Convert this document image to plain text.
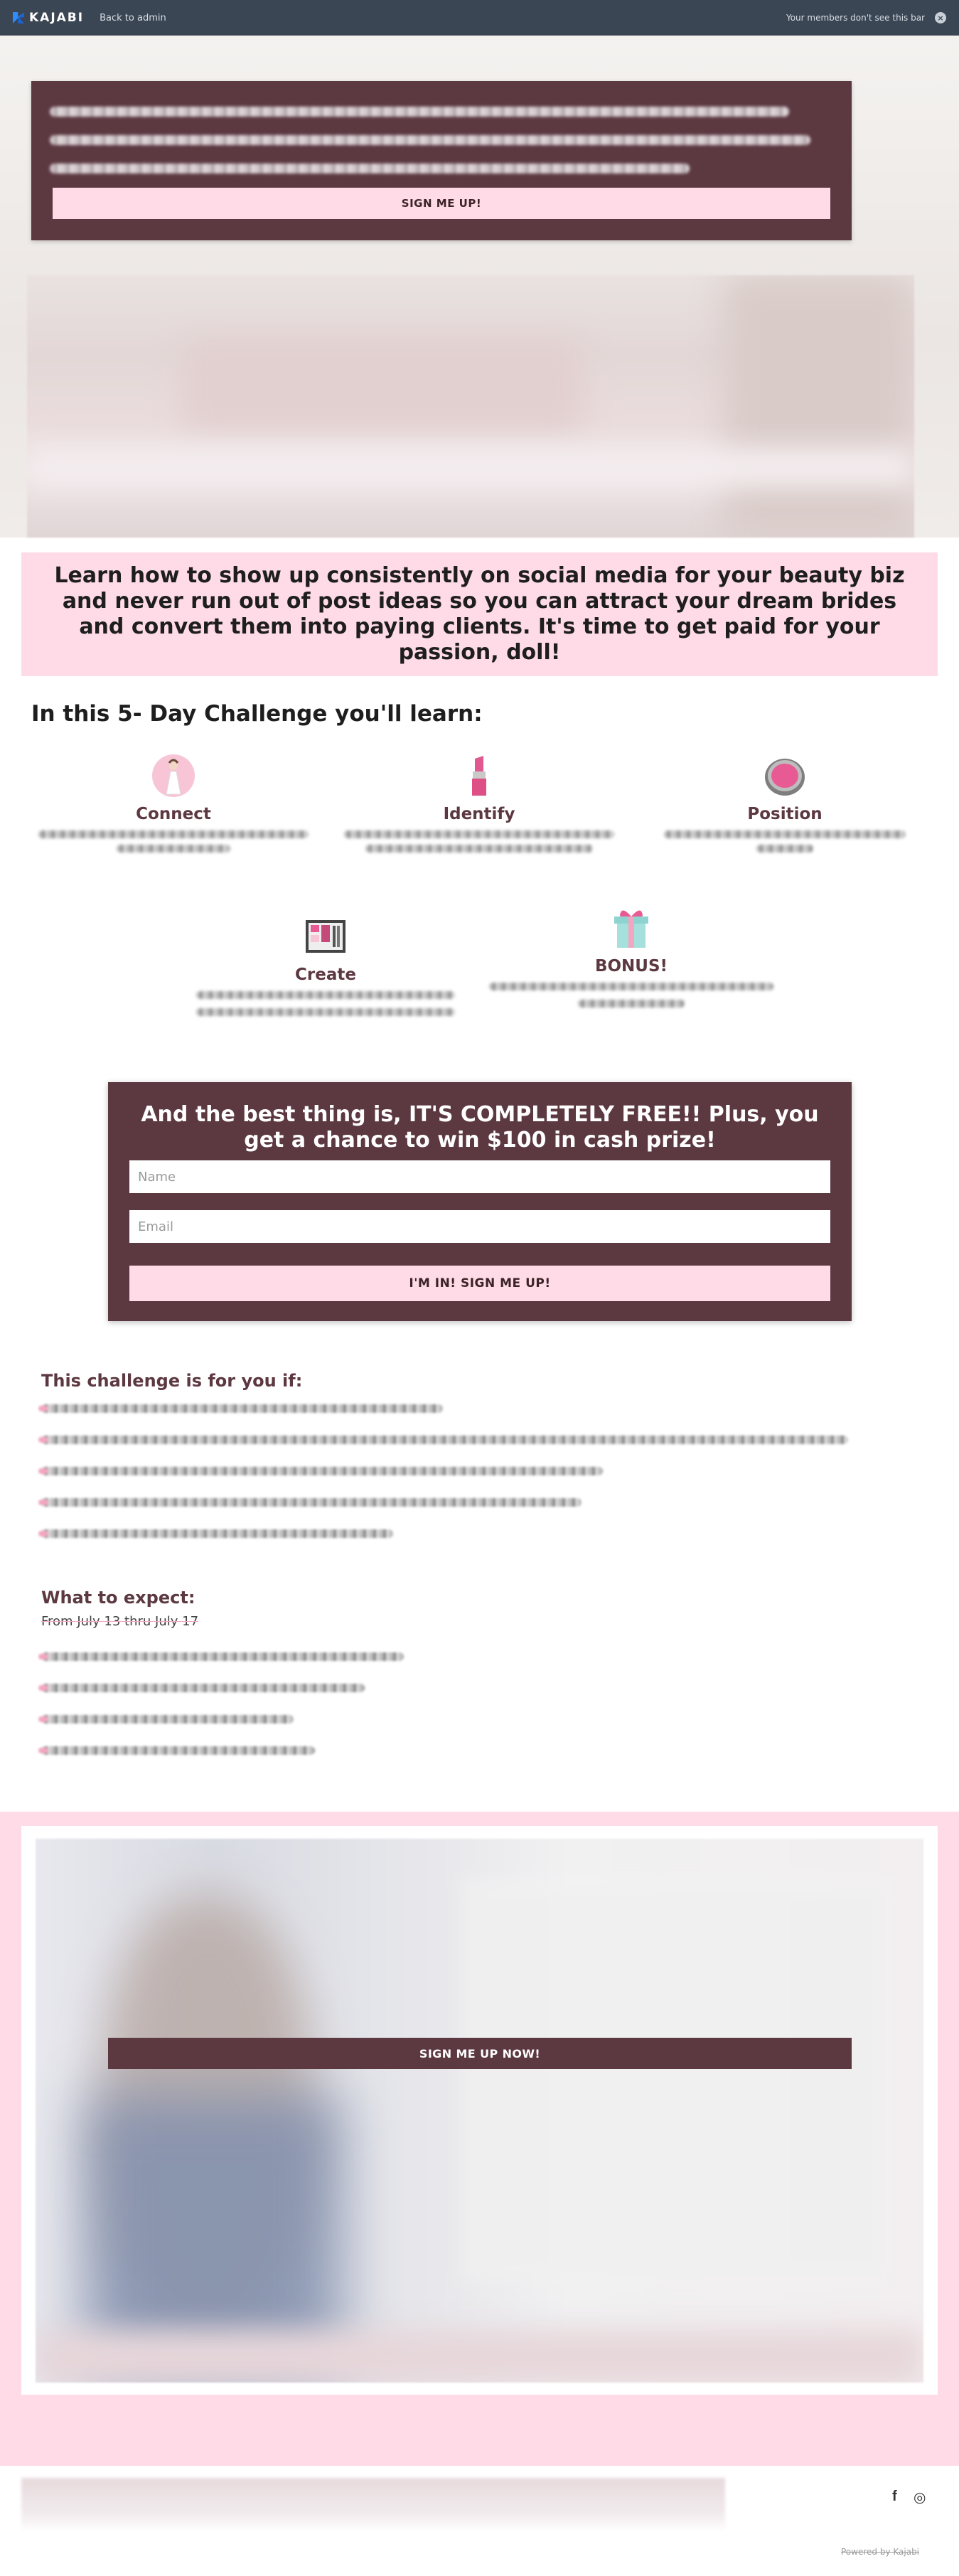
KAJABI Back to admin	Your members don't see this bar	×
SIGN ME UP!
Learn how to show up consistently on social media for your beauty biz and never run out of post ideas so you can attract your dream brides and convert them into paying clients. It's time to get paid for your passion, doll!
In this 5- Day Challenge you'll learn:
Connect	Identify	Position
Create	BONUS!
And the best thing is, IT'S COMPLETELY FREE!! Plus, you get a chance to win $100 in cash prize!
Name
Email
I'M IN! SIGN ME UP!
This challenge is for you if:
What to expect:
From July 13 thru July 17
SIGN ME UP NOW!
f ◎
Powered by Kajabi
